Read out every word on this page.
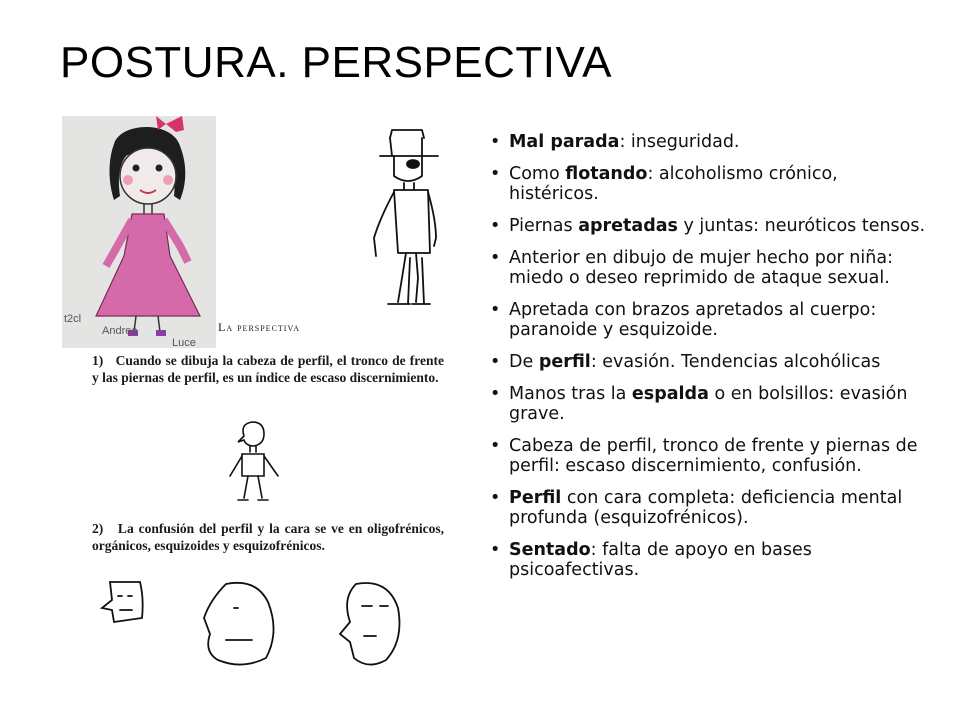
POSTURA. PERSPECTIVA
t2cl
Andrea
Luce
La perspectiva
1)   Cuando se dibuja la cabeza de perfil, el tronco de frente y las piernas de perfil, es un índice de escaso discernimiento.
2)   La confusión del perfil y la cara se ve en oligofrénicos, orgánicos, esquizoides y esquizofrénicos.
• Mal parada: inseguridad.
• Como flotando: alcoholismo crónico, histéricos.
• Piernas apretadas y juntas: neuróticos tensos.
• Anterior en dibujo de mujer hecho por niña: miedo o deseo reprimido de ataque sexual.
• Apretada con brazos apretados al cuerpo: paranoide y esquizoide.
• De perfil: evasión. Tendencias alcohólicas
• Manos tras la espalda o en bolsillos: evasión grave.
• Cabeza de perfil, tronco de frente y piernas de perfil: escaso discernimiento, confusión.
• Perfil con cara completa: deficiencia mental profunda (esquizofrénicos).
• Sentado: falta de apoyo en bases psicoafectivas.
